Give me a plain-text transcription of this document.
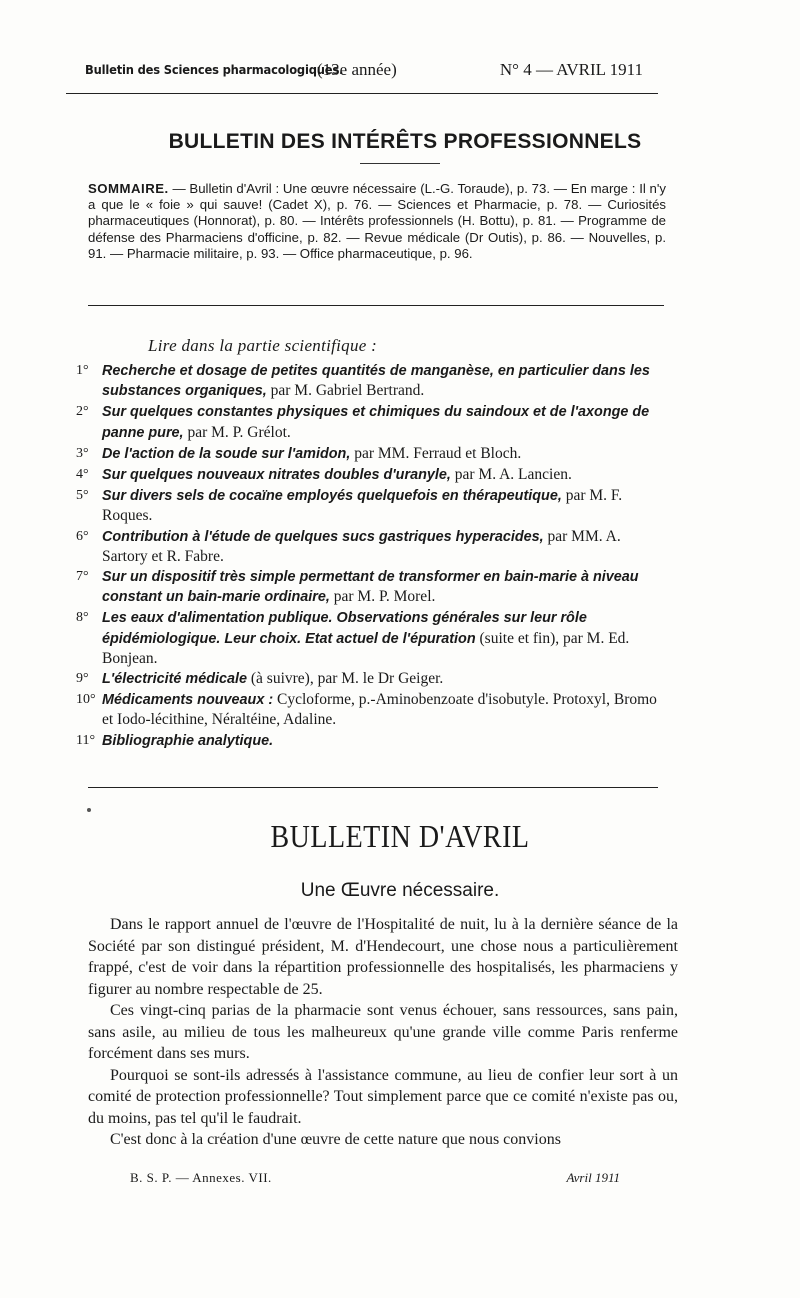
Bulletin des Sciences pharmacologiques.
(13e année)	N° 4 — AVRIL 1911
BULLETIN DES INTÉRÊTS PROFESSIONNELS
SOMMAIRE. — Bulletin d'Avril : Une œuvre nécessaire (L.-G. Toraude), p. 73. — En marge : Il n'y a que le « foie » qui sauve! (Cadet X), p. 76. — Sciences et Pharmacie, p. 78. — Curiosités pharmaceutiques (Honnorat), p. 80. — Intérêts professionnels (H. Bottu), p. 81. — Programme de défense des Pharmaciens d'officine, p. 82. — Revue médicale (Dr Outis), p. 86. — Nouvelles, p. 91. — Pharmacie militaire, p. 93. — Office pharmaceutique, p. 96.
Lire dans la partie scientifique :
1° Recherche et dosage de petites quantités de manganèse, en particulier dans les substances organiques, par M. Gabriel Bertrand.
2° Sur quelques constantes physiques et chimiques du saindoux et de l'axonge de panne pure, par M. P. Grélot.
3° De l'action de la soude sur l'amidon, par MM. Ferraud et Bloch.
4° Sur quelques nouveaux nitrates doubles d'uranyle, par M. A. Lancien.
5° Sur divers sels de cocaïne employés quelquefois en thérapeutique, par M. F. Roques.
6° Contribution à l'étude de quelques sucs gastriques hyperacides, par MM. A. Sartory et R. Fabre.
7° Sur un dispositif très simple permettant de transformer en bain-marie à niveau constant un bain-marie ordinaire, par M. P. Morel.
8° Les eaux d'alimentation publique. Observations générales sur leur rôle épidémiologique. Leur choix. Etat actuel de l'épuration (suite et fin), par M. Ed. Bonjean.
9° L'électricité médicale (à suivre), par M. le Dr Geiger.
10° Médicaments nouveaux : Cycloforme, p.-Aminobenzoate d'isobutyle. Protoxyl, Bromo et Iodo-lécithine, Néraltéine, Adaline.
11° Bibliographie analytique.
BULLETIN D'AVRIL
Une Œuvre nécessaire.

Dans le rapport annuel de l'œuvre de l'Hospitalité de nuit, lu à la dernière séance de la Société par son distingué président, M. d'Hendecourt, une chose nous a particulièrement frappé, c'est de voir dans la répartition professionnelle des hospitalisés, les pharmaciens y figurer au nombre respectable de 25.

Ces vingt-cinq parias de la pharmacie sont venus échouer, sans ressources, sans pain, sans asile, au milieu de tous les malheureux qu'une grande ville comme Paris renferme forcément dans ses murs.

Pourquoi se sont-ils adressés à l'assistance commune, au lieu de confier leur sort à un comité de protection professionnelle? Tout simplement parce que ce comité n'existe pas ou, du moins, pas tel qu'il le faudrait.

C'est donc à la création d'une œuvre de cette nature que nous convions

B. S. P. — Annexes. VII.	Avril 1911
